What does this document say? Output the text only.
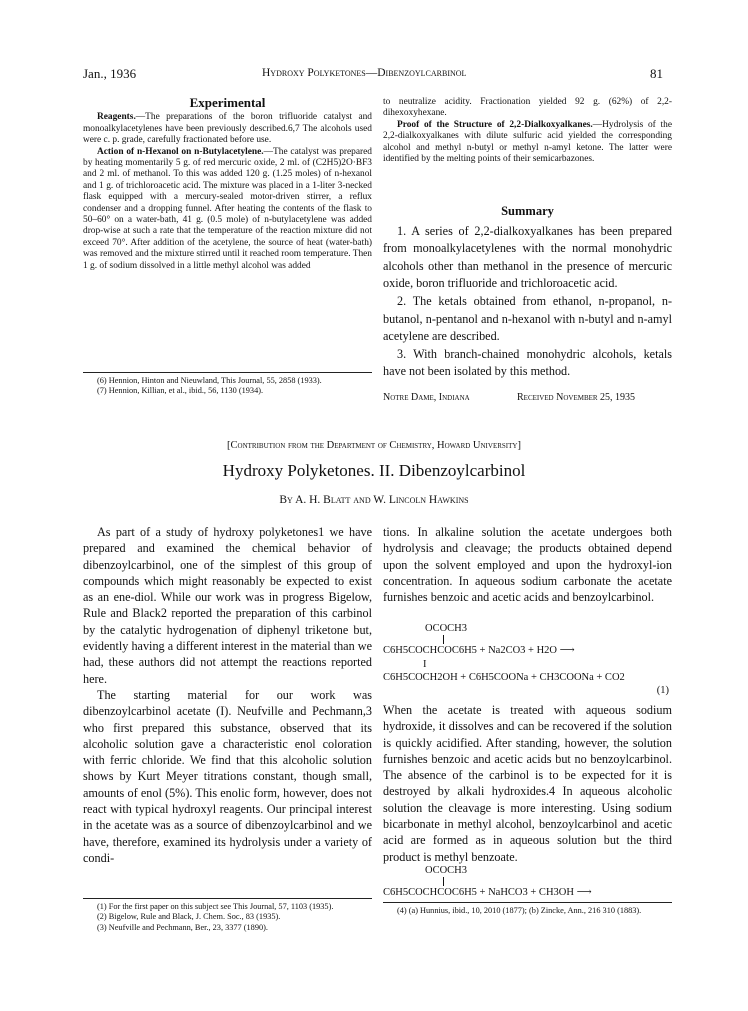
Jan., 1936	Hydroxy Polyketones—Dibenzoylcarbinol	81
Experimental

Reagents.—The preparations of the boron trifluoride catalyst and monoalkylacetylenes have been previously described.6,7 The alcohols used were c. p. grade, carefully fractionated before use.

Action of n-Hexanol on n-Butylacetylene.—The catalyst was prepared by heating momentarily 5 g. of red mercuric oxide, 2 ml. of (C2H5)2O·BF3 and 2 ml. of methanol. To this was added 120 g. (1.25 moles) of n-hexanol and 1 g. of trichloroacetic acid. The mixture was placed in a 1-liter 3-necked flask equipped with a mercury-sealed motor-driven stirrer, a reflux condenser and a dropping funnel. After heating the contents of the flask to 50–60° on a water-bath, 41 g. (0.5 mole) of n-butylacetylene was added drop-wise at such a rate that the temperature of the reaction mixture did not exceed 70°. After addition of the acetylene, the source of heat (water-bath) was removed and the mixture stirred until it reached room temperature. Then 1 g. of sodium dissolved in a little methyl alcohol was added

(6) Hennion, Hinton and Nieuwland, This Journal, 55, 2858 (1933).

(7) Hennion, Killian, et al., ibid., 56, 1130 (1934).

to neutralize acidity. Fractionation yielded 92 g. (62%) of 2,2-dihexoxyhexane.

Proof of the Structure of 2,2-Dialkoxyalkanes.—Hydrolysis of the 2,2-dialkoxyalkanes with dilute sulfuric acid yielded the corresponding alcohol and methyl n-butyl or methyl n-amyl ketone. The latter were identified by the melting points of their semicarbazones.

Summary

1. A series of 2,2-dialkoxyalkanes has been prepared from monoalkylacetylenes with the normal monohydric alcohols other than methanol in the presence of mercuric oxide, boron trifluoride and trichloroacetic acid.

2. The ketals obtained from ethanol, n-propanol, n-butanol, n-pentanol and n-hexanol with n-butyl and n-amyl acetylene are described.

3. With branch-chained monohydric alcohols, ketals have not been isolated by this method.

Notre Dame, Indiana	Received November 25, 1935
[Contribution from the Department of Chemistry, Howard University]
Hydroxy Polyketones. II. Dibenzoylcarbinol
By A. H. Blatt and W. Lincoln Hawkins

As part of a study of hydroxy polyketones1 we have prepared and examined the chemical behavior of dibenzoylcarbinol, one of the simplest of this group of compounds which might reasonably be expected to exist as an ene-diol. While our work was in progress Bigelow, Rule and Black2 reported the preparation of this carbinol by the catalytic hydrogenation of diphenyl triketone but, evidently having a different interest in the material than we had, these authors did not attempt the reactions reported here.

The starting material for our work was dibenzoylcarbinol acetate (I). Neufville and Pechmann,3 who first prepared this substance, observed that its alcoholic solution gave a characteristic enol coloration with ferric chloride. We find that this alcoholic solution shows by Kurt Meyer titrations constant, though small, amounts of enol (5%). This enolic form, however, does not react with typical hydroxyl reagents. Our principal interest in the acetate was as a source of dibenzoylcarbinol and we have, therefore, examined its hydrolysis under a variety of condi-

(1) For the first paper on this subject see This Journal, 57, 1103 (1935).

(2) Bigelow, Rule and Black, J. Chem. Soc., 83 (1935).

(3) Neufville and Pechmann, Ber., 23, 3377 (1890).

tions. In alkaline solution the acetate undergoes both hydrolysis and cleavage; the products obtained depend upon the solvent employed and upon the hydroxyl-ion concentration. In aqueous sodium carbonate the acetate furnishes benzoic and acetic acids and benzoylcarbinol.

OCOCH3
C6H5COCHCOC6H5 + Na2CO3 + H2O ⟶
I
C6H5COCH2OH + C6H5COONa + CH3COONa + CO2
(1)

When the acetate is treated with aqueous sodium hydroxide, it dissolves and can be recovered if the solution is quickly acidified. After standing, however, the solution furnishes benzoic and acetic acids but no benzoylcarbinol. The absence of the carbinol is to be expected for it is destroyed by alkali hydroxides.4 In aqueous alcoholic solution the cleavage is more interesting. Using sodium bicarbonate in methyl alcohol, benzoylcarbinol and acetic acid are formed as in aqueous solution but the third product is methyl benzoate.

OCOCH3
C6H5COCHCOC6H5 + NaHCO3 + CH3OH ⟶

(4) (a) Hunnius, ibid., 10, 2010 (1877); (b) Zincke, Ann., 216 310 (1883).
